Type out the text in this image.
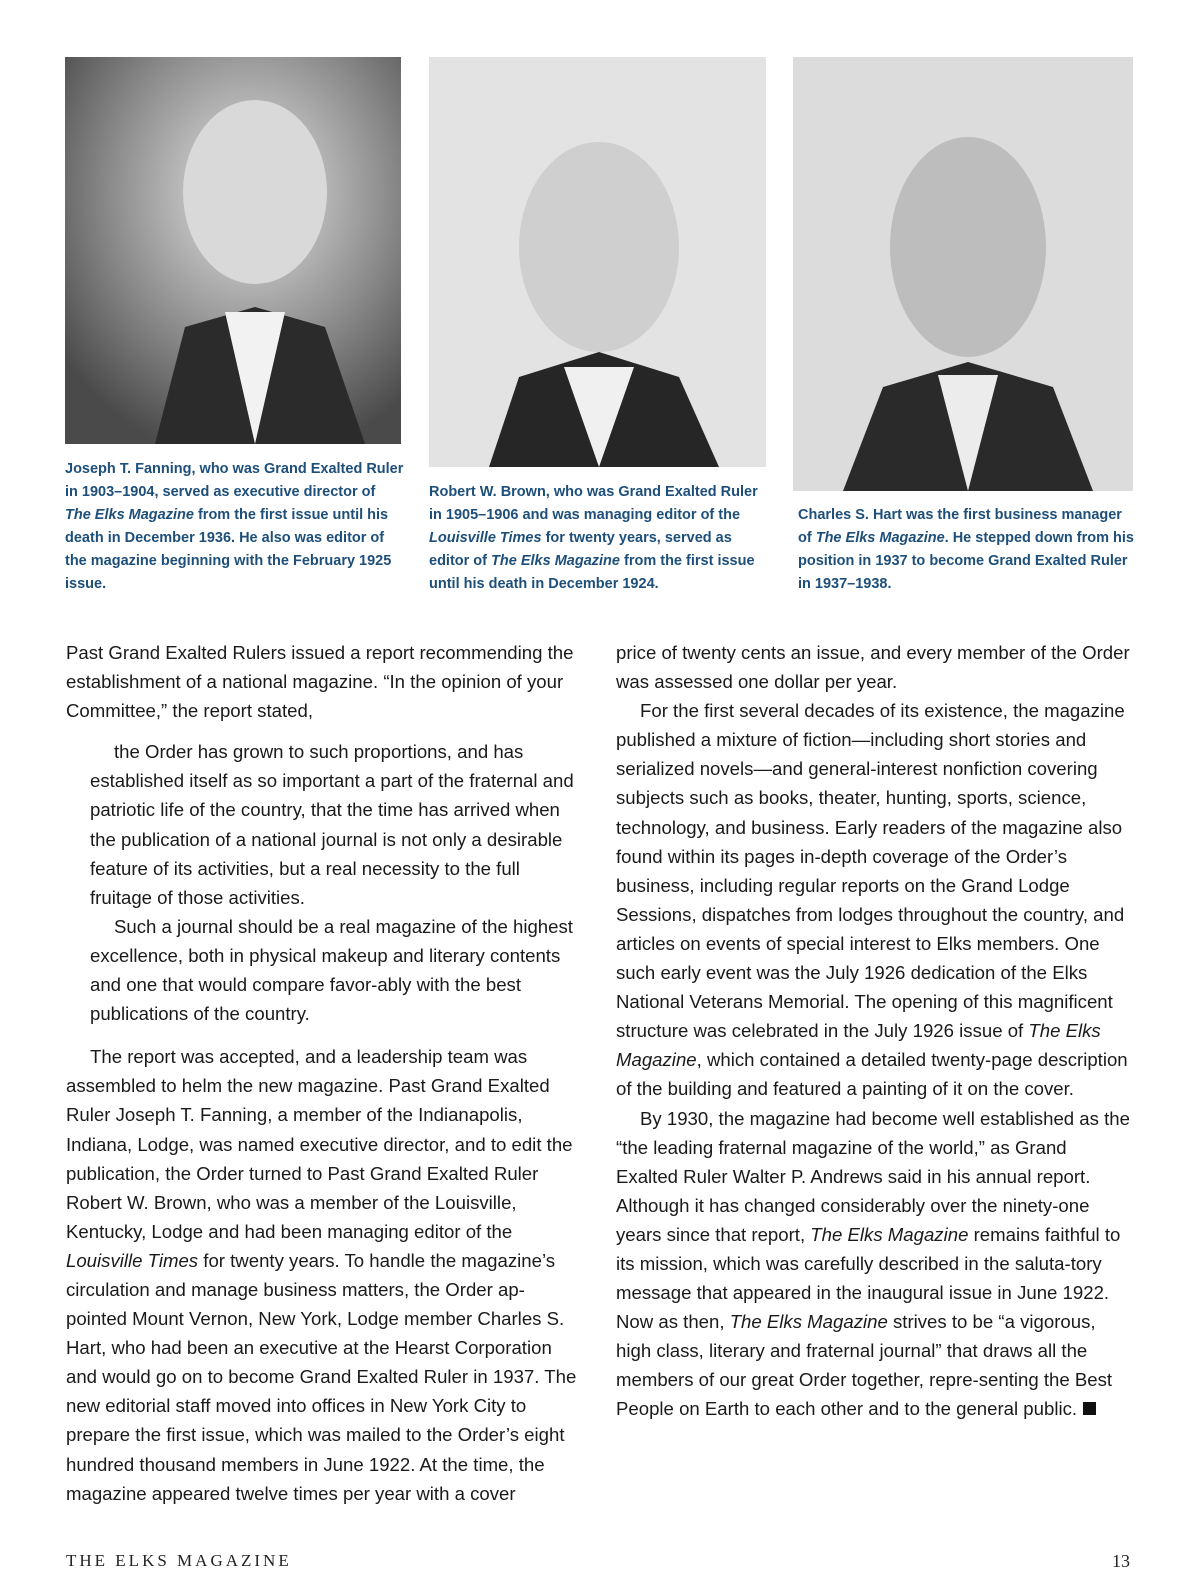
Joseph T. Fanning, who was Grand Exalted Ruler in 1903–1904, served as executive director of The Elks Magazine from the first issue until his death in December 1936. He also was editor of the magazine beginning with the February 1925 issue.
Robert W. Brown, who was Grand Exalted Ruler in 1905–1906 and was managing editor of the Louisville Times for twenty years, served as editor of The Elks Magazine from the first issue until his death in December 1924.
Charles S. Hart was the first business manager of The Elks Magazine. He stepped down from his position in 1937 to become Grand Exalted Ruler in 1937–1938.

Past Grand Exalted Rulers issued a report recommending the establishment of a national magazine. “In the opinion of your Committee,” the report stated,

the Order has grown to such proportions, and has established itself as so important a part of the fraternal and patriotic life of the country, that the time has arrived when the publication of a national journal is not only a desirable feature of its activities, but a real necessity to the full fruitage of those activities.

Such a journal should be a real magazine of the highest excellence, both in physical makeup and literary contents and one that would compare favor-ably with the best publications of the country.

The report was accepted, and a leadership team was assembled to helm the new magazine. Past Grand Exalted Ruler Joseph T. Fanning, a member of the Indianapolis, Indiana, Lodge, was named executive director, and to edit the publication, the Order turned to Past Grand Exalted Ruler Robert W. Brown, who was a member of the Louisville, Kentucky, Lodge and had been managing editor of the Louisville Times for twenty years. To handle the magazine’s circulation and manage business matters, the Order ap-pointed Mount Vernon, New York, Lodge member Charles S. Hart, who had been an executive at the Hearst Corporation and would go on to become Grand Exalted Ruler in 1937. The new editorial staff moved into offices in New York City to prepare the first issue, which was mailed to the Order’s eight hundred thousand members in June 1922. At the time, the magazine appeared twelve times per year with a cover

price of twenty cents an issue, and every member of the Order was assessed one dollar per year.

For the first several decades of its existence, the magazine published a mixture of fiction—including short stories and serialized novels—and general-interest nonfiction covering subjects such as books, theater, hunting, sports, science, technology, and business. Early readers of the magazine also found within its pages in-depth coverage of the Order’s business, including regular reports on the Grand Lodge Sessions, dispatches from lodges throughout the country, and articles on events of special interest to Elks members. One such early event was the July 1926 dedication of the Elks National Veterans Memorial. The opening of this magnificent structure was celebrated in the July 1926 issue of The Elks Magazine, which contained a detailed twenty-page description of the building and featured a painting of it on the cover.

By 1930, the magazine had become well established as the “the leading fraternal magazine of the world,” as Grand Exalted Ruler Walter P. Andrews said in his annual report. Although it has changed considerably over the ninety-one years since that report, The Elks Magazine remains faithful to its mission, which was carefully described in the saluta-tory message that appeared in the inaugural issue in June 1922. Now as then, The Elks Magazine strives to be “a vigorous, high class, literary and fraternal journal” that draws all the members of our great Order together, repre-senting the Best People on Earth to each other and to the general public.

THE ELKS MAGAZINE	13
